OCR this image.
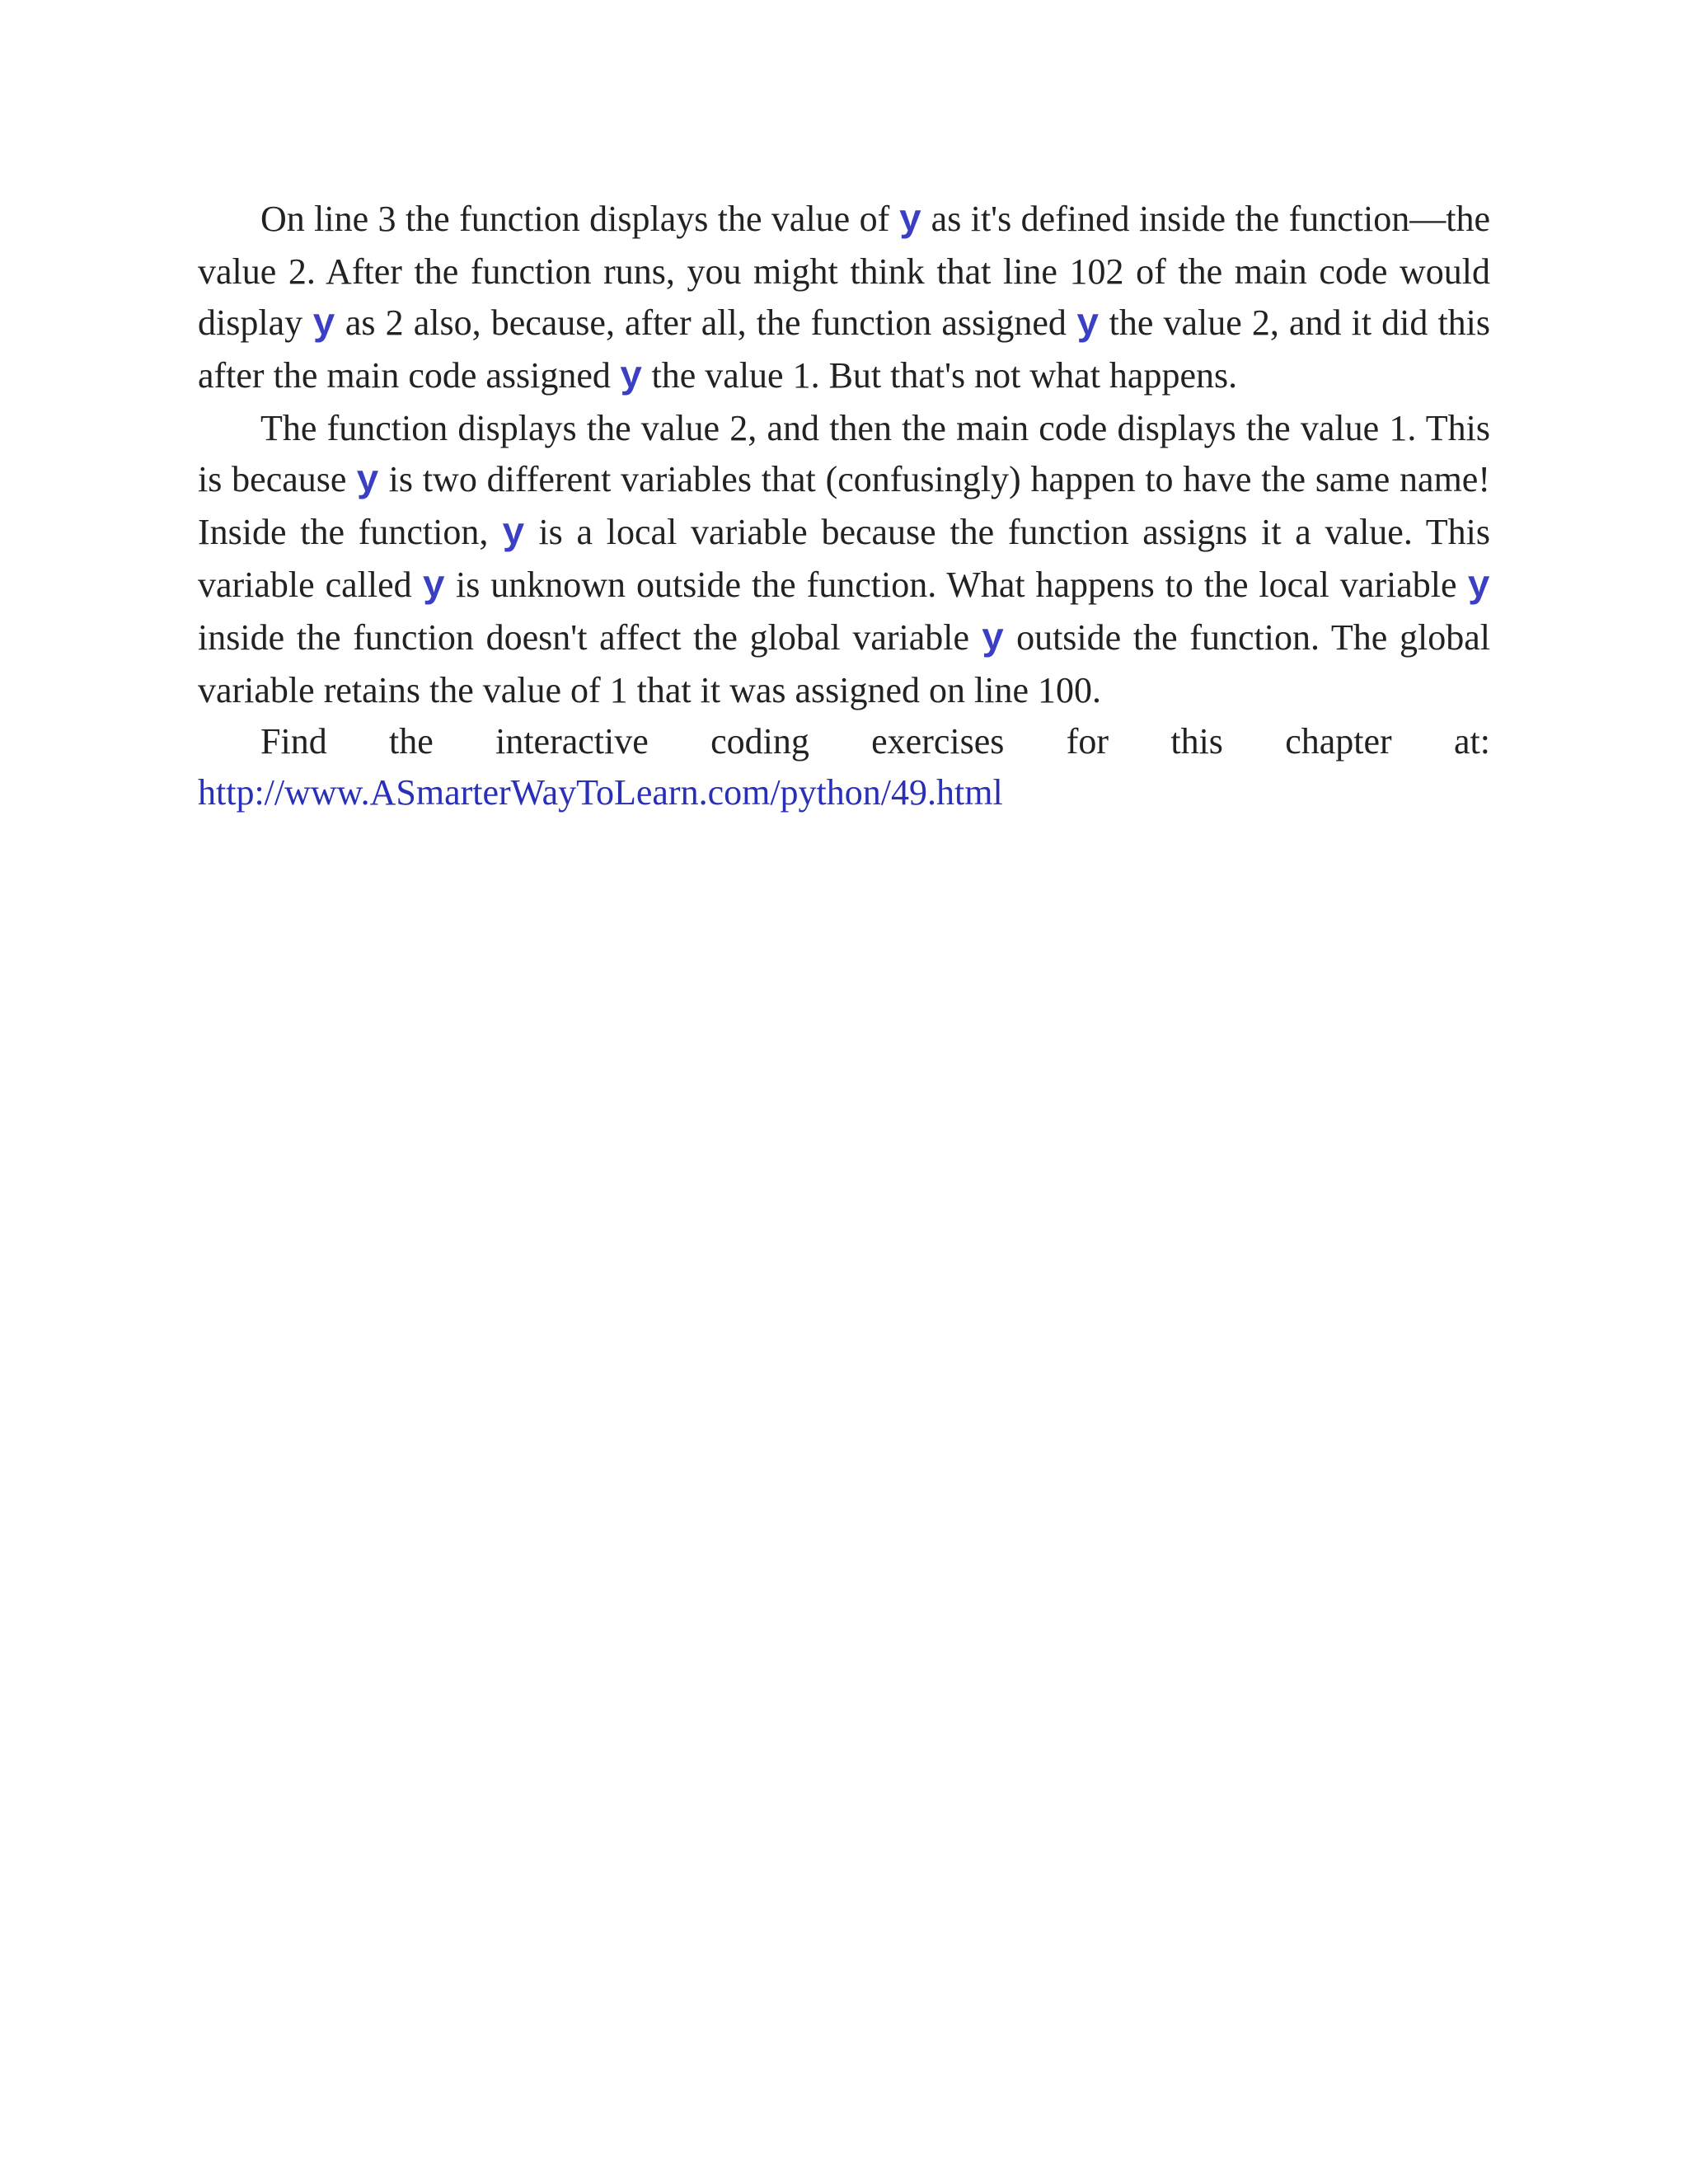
On line 3 the function displays the value of y as it's defined inside the function—the value 2. After the function runs, you might think that line 102 of the main code would display y as 2 also, because, after all, the function assigned y the value 2, and it did this after the main code assigned y the value 1. But that's not what happens.

The function displays the value 2, and then the main code displays the value 1. This is because y is two different variables that (confusingly) happen to have the same name! Inside the function, y is a local variable because the function assigns it a value. This variable called y is unknown outside the function. What happens to the local variable y inside the function doesn't affect the global variable y outside the function. The global variable retains the value of 1 that it was assigned on line 100.

Find the interactive coding exercises for this chapter at:
http://www.ASmarterWayToLearn.com/python/49.html
